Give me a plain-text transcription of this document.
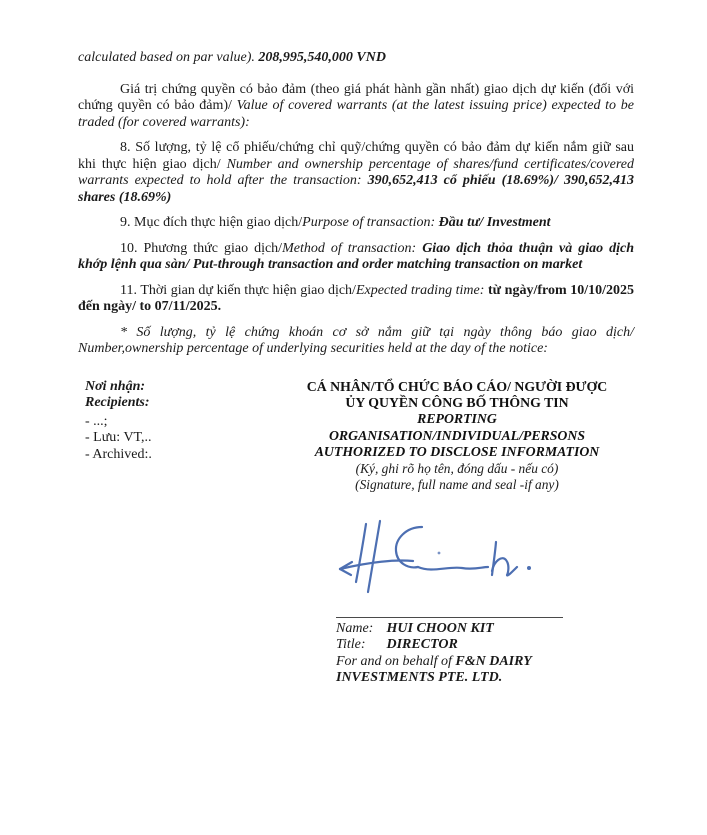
calculated based on par value). 208,995,540,000 VND

Giá trị chứng quyền có bảo đảm (theo giá phát hành gần nhất) giao dịch dự kiến (đối với chứng quyền có bảo đảm)/ Value of covered warrants (at the latest issuing price) expected to be traded (for covered warrants):

8. Số lượng, tỷ lệ cổ phiếu/chứng chỉ quỹ/chứng quyền có bảo đảm dự kiến nắm giữ sau khi thực hiện giao dịch/ Number and ownership percentage of shares/fund certificates/covered warrants expected to hold after the transaction: 390,652,413 cổ phiếu (18.69%)/ 390,652,413 shares (18.69%)

9. Mục đích thực hiện giao dịch/Purpose of transaction: Đầu tư/ Investment

10. Phương thức giao dịch/Method of transaction: Giao dịch thỏa thuận và giao dịch khớp lệnh qua sàn/ Put-through transaction and order matching transaction on market

11. Thời gian dự kiến thực hiện giao dịch/Expected trading time: từ ngày/from 10/10/2025 đến ngày/ to 07/11/2025.

* Số lượng, tỷ lệ chứng khoán cơ sở nắm giữ tại ngày thông báo giao dịch/ Number,ownership percentage of underlying securities held at the day of the notice:

Nơi nhận:
Recipients:
- ...;
- Lưu: VT,..
- Archived:.
CÁ NHÂN/TỔ CHỨC BÁO CÁO/ NGƯỜI ĐƯỢC
ỦY QUYỀN CÔNG BỐ THÔNG TIN
REPORTING
ORGANISATION/INDIVIDUAL/PERSONS
AUTHORIZED TO DISCLOSE INFORMATION
(Ký, ghi rõ họ tên, đóng dấu - nếu có)
(Signature, full name and seal -if any)
Name: HUI CHOON KIT
Title: DIRECTOR
For and on behalf of F&N DAIRY INVESTMENTS PTE. LTD.
